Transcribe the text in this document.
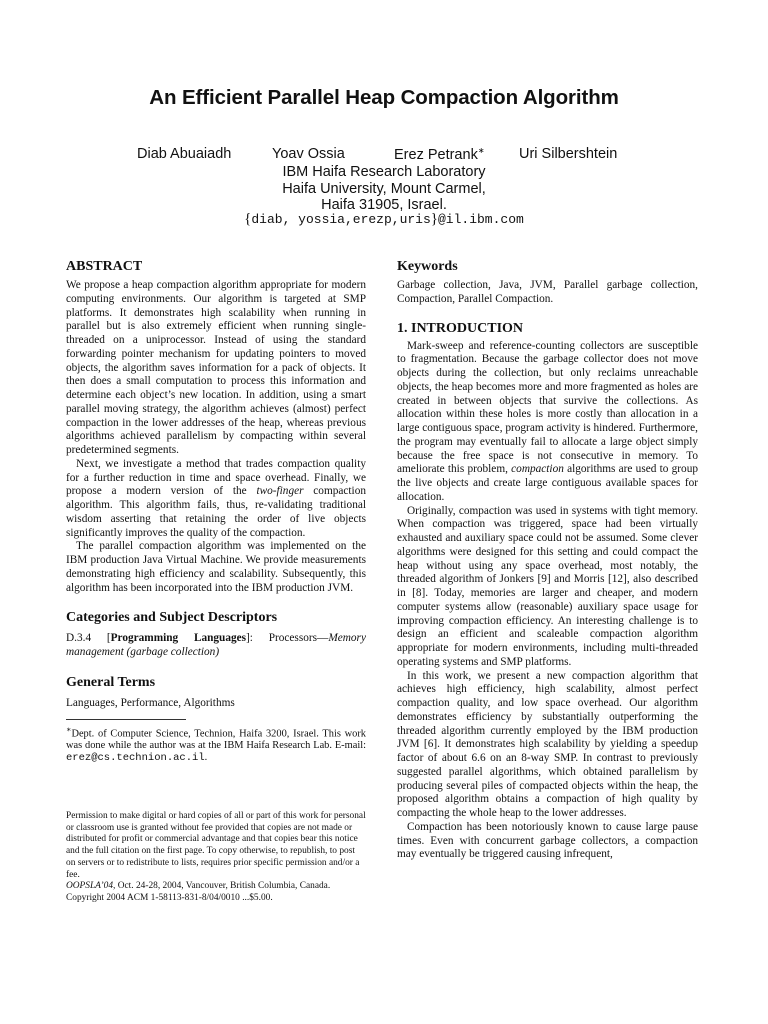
An Efficient Parallel Heap Compaction Algorithm
Diab Abuaiadh	Yoav Ossia	Erez Petrank∗ Uri Silbershtein
IBM Haifa Research Laboratory
Haifa University, Mount Carmel,
Haifa 31905, Israel.
{diab, yossia,erezp,uris}@il.ibm.com
ABSTRACT

We propose a heap compaction algorithm appropriate for modern computing environments. Our algorithm is targeted at SMP platforms. It demonstrates high scalability when running in parallel but is also extremely efficient when running single-threaded on a uniprocessor. Instead of using the standard forwarding pointer mechanism for updating pointers to moved objects, the algorithm saves information for a pack of objects. It then does a small computation to process this information and determine each object’s new location. In addition, using a smart parallel moving strategy, the algorithm achieves (almost) perfect compaction in the lower addresses of the heap, whereas previous algorithms achieved parallelism by compacting within several predetermined segments.

Next, we investigate a method that trades compaction quality for a further reduction in time and space overhead. Finally, we propose a modern version of the two-finger compaction algorithm. This algorithm fails, thus, re-validating traditional wisdom asserting that retaining the order of live objects significantly improves the quality of the compaction.

The parallel compaction algorithm was implemented on the IBM production Java Virtual Machine. We provide measurements demonstrating high efficiency and scalability. Subsequently, this algorithm has been incorporated into the IBM production JVM.

Categories and Subject Descriptors

D.3.4 [Programming Languages]: Processors—Memory management (garbage collection)

General Terms

Languages, Performance, Algorithms

∗Dept. of Computer Science, Technion, Haifa 3200, Israel. This work was done while the author was at the IBM Haifa Research Lab. E-mail: erez@cs.technion.ac.il.

Permission to make digital or hard copies of all or part of this work for personal or classroom use is granted without fee provided that copies are not made or distributed for profit or commercial advantage and that copies bear this notice and the full citation on the first page. To copy otherwise, to republish, to post on servers or to redistribute to lists, requires prior specific permission and/or a fee.
OOPSLA’04, Oct. 24-28, 2004, Vancouver, British Columbia, Canada.
Copyright 2004 ACM 1-58113-831-8/04/0010 ...$5.00.
Keywords

Garbage collection, Java, JVM, Parallel garbage collection, Compaction, Parallel Compaction.

1. INTRODUCTION

Mark-sweep and reference-counting collectors are susceptible to fragmentation. Because the garbage collector does not move objects during the collection, but only reclaims unreachable objects, the heap becomes more and more fragmented as holes are created in between objects that survive the collections. As allocation within these holes is more costly than allocation in a large contiguous space, program activity is hindered. Furthermore, the program may eventually fail to allocate a large object simply because the free space is not consecutive in memory. To ameliorate this problem, compaction algorithms are used to group the live objects and create large contiguous available spaces for allocation.

Originally, compaction was used in systems with tight memory. When compaction was triggered, space had been virtually exhausted and auxiliary space could not be assumed. Some clever algorithms were designed for this setting and could compact the heap without using any space overhead, most notably, the threaded algorithm of Jonkers [9] and Morris [12], also described in [8]. Today, memories are larger and cheaper, and modern computer systems allow (reasonable) auxiliary space usage for improving compaction efficiency. An interesting challenge is to design an efficient and scaleable compaction algorithm appropriate for modern environments, including multi-threaded operating systems and SMP platforms.

In this work, we present a new compaction algorithm that achieves high efficiency, high scalability, almost perfect compaction quality, and low space overhead. Our algorithm demonstrates efficiency by substantially outperforming the threaded algorithm currently employed by the IBM production JVM [6]. It demonstrates high scalability by yielding a speedup factor of about 6.6 on an 8-way SMP. In contrast to previously suggested parallel algorithms, which obtained parallelism by producing several piles of compacted objects within the heap, the proposed algorithm obtains a compaction of high quality by compacting the whole heap to the lower addresses.

Compaction has been notoriously known to cause large pause times. Even with concurrent garbage collectors, a compaction may eventually be triggered causing infrequent,
